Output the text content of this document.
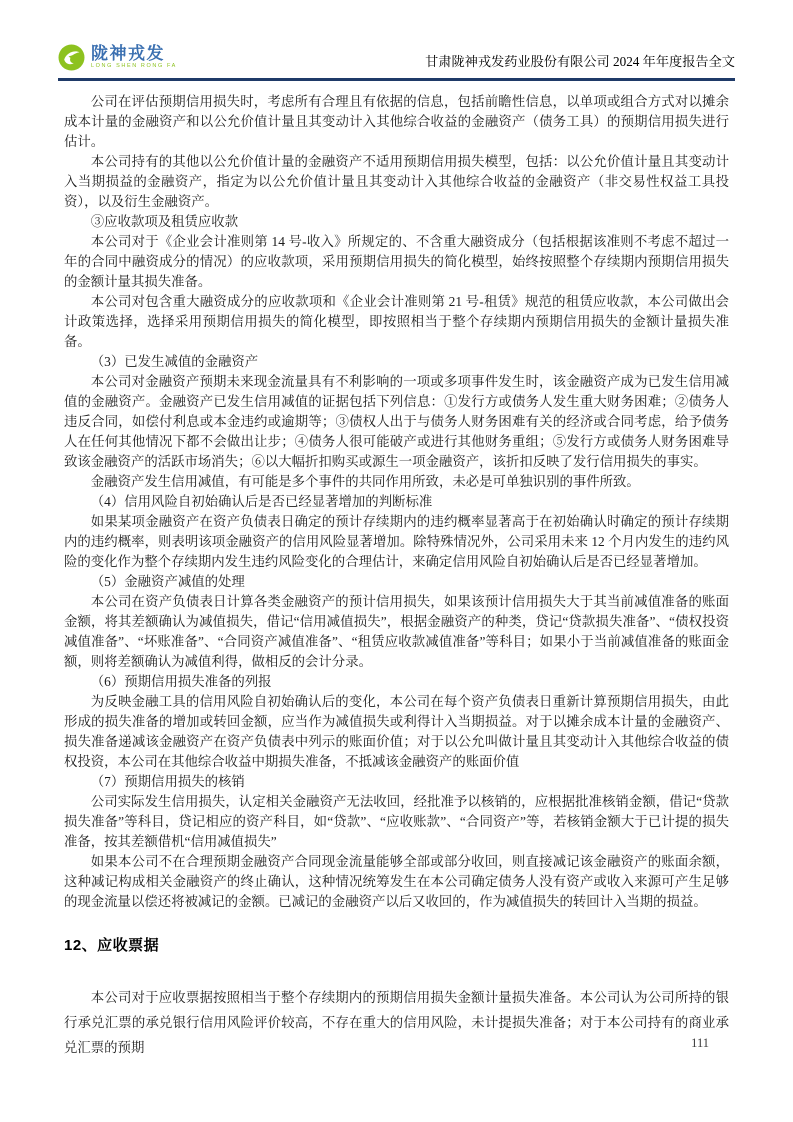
陇神戎发
LONG SHEN RONG FA	甘肃陇神戎发药业股份有限公司 2024 年年度报告全文

公司在评估预期信用损失时，考虑所有合理且有依据的信息，包括前瞻性信息，以单项或组合方式对以摊余成本计量的金融资产和以公允价值计量且其变动计入其他综合收益的金融资产（债务工具）的预期信用损失进行估计。

本公司持有的其他以公允价值计量的金融资产不适用预期信用损失模型，包括：以公允价值计量且其变动计入当期损益的金融资产，指定为以公允价值计量且其变动计入其他综合收益的金融资产（非交易性权益工具投资），以及衍生金融资产。

③应收款项及租赁应收款

本公司对于《企业会计准则第 14 号-收入》所规定的、不含重大融资成分（包括根据该准则不考虑不超过一年的合同中融资成分的情况）的应收款项，采用预期信用损失的简化模型，始终按照整个存续期内预期信用损失的金额计量其损失准备。

本公司对包含重大融资成分的应收款项和《企业会计准则第 21 号-租赁》规范的租赁应收款，本公司做出会计政策选择，选择采用预期信用损失的简化模型，即按照相当于整个存续期内预期信用损失的金额计量损失准备。

（3）已发生减值的金融资产

本公司对金融资产预期未来现金流量具有不利影响的一项或多项事件发生时，该金融资产成为已发生信用减值的金融资产。金融资产已发生信用减值的证据包括下列信息：①发行方或债务人发生重大财务困难；②债务人违反合同，如偿付利息或本金违约或逾期等；③债权人出于与债务人财务困难有关的经济或合同考虑，给予债务人在任何其他情况下都不会做出让步；④债务人很可能破产或进行其他财务重组；⑤发行方或债务人财务困难导致该金融资产的活跃市场消失；⑥以大幅折扣购买或源生一项金融资产，该折扣反映了发行信用损失的事实。

金融资产发生信用减值，有可能是多个事件的共同作用所致，未必是可单独识别的事件所致。

（4）信用风险自初始确认后是否已经显著增加的判断标准

如果某项金融资产在资产负债表日确定的预计存续期内的违约概率显著高于在初始确认时确定的预计存续期内的违约概率，则表明该项金融资产的信用风险显著增加。除特殊情况外，公司采用未来 12 个月内发生的违约风险的变化作为整个存续期内发生违约风险变化的合理估计，来确定信用风险自初始确认后是否已经显著增加。

（5）金融资产减值的处理

本公司在资产负债表日计算各类金融资产的预计信用损失，如果该预计信用损失大于其当前减值准备的账面金额，将其差额确认为减值损失，借记“信用减值损失”，根据金融资产的种类，贷记“贷款损失准备”、“债权投资减值准备”、“坏账准备”、“合同资产减值准备”、“租赁应收款减值准备”等科目；如果小于当前减值准备的账面金额，则将差额确认为减值利得，做相反的会计分录。

（6）预期信用损失准备的列报

为反映金融工具的信用风险自初始确认后的变化，本公司在每个资产负债表日重新计算预期信用损失，由此形成的损失准备的增加或转回金额，应当作为减值损失或利得计入当期损益。对于以摊余成本计量的金融资产、损失准备递减该金融资产在资产负债表中列示的账面价值；对于以公允叫做计量且其变动计入其他综合收益的债权投资，本公司在其他综合收益中期损失准备，不抵减该金融资产的账面价值

（7）预期信用损失的核销

公司实际发生信用损失，认定相关金融资产无法收回，经批准予以核销的，应根据批准核销金额，借记“贷款损失准备”等科目，贷记相应的资产科目，如“贷款”、“应收账款”、“合同资产”等，若核销金额大于已计提的损失准备，按其差额借机“信用减值损失”

如果本公司不在合理预期金融资产合同现金流量能够全部或部分收回，则直接减记该金融资产的账面余额，这种减记构成相关金融资产的终止确认，这种情况统筹发生在本公司确定债务人没有资产或收入来源可产生足够的现金流量以偿还将被减记的金额。已减记的金融资产以后又收回的，作为减值损失的转回计入当期的损益。

12、应收票据

本公司对于应收票据按照相当于整个存续期内的预期信用损失金额计量损失准备。本公司认为公司所持的银行承兑汇票的承兑银行信用风险评价较高，不存在重大的信用风险，未计提损失准备；对于本公司持有的商业承兑汇票的预期	111
